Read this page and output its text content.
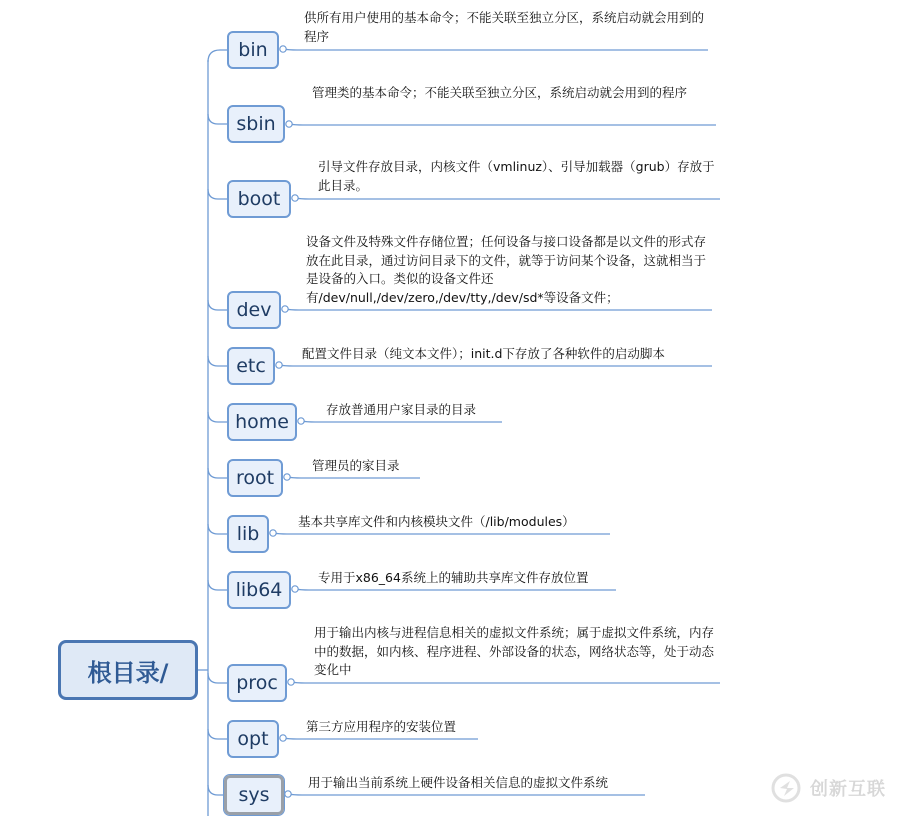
根目录/
bin
sbin
boot
dev
etc
home
root
lib
lib64
proc
opt
sys
供所有用户使用的基本命令；不能关联至独立分区，系统启动就会用到的程序
管理类的基本命令；不能关联至独立分区，系统启动就会用到的程序
引导文件存放目录，内核文件（vmlinuz）、引导加载器（grub）存放于此目录。
设备文件及特殊文件存储位置；任何设备与接口设备都是以文件的形式存放在此目录，通过访问目录下的文件，就等于访问某个设备，这就相当于是设备的入口。类似的设备文件还有/dev/null,/dev/zero,/dev/tty,/dev/sd*等设备文件；
配置文件目录（纯文本文件）；init.d下存放了各种软件的启动脚本
存放普通用户家目录的目录
管理员的家目录
基本共享库文件和内核模块文件（/lib/modules）
专用于x86_64系统上的辅助共享库文件存放位置
用于输出内核与进程信息相关的虚拟文件系统；属于虚拟文件系统，内存中的数据，如内核、程序进程、外部设备的状态，网络状态等，处于动态变化中
第三方应用程序的安装位置
用于输出当前系统上硬件设备相关信息的虚拟文件系统	创新互联
